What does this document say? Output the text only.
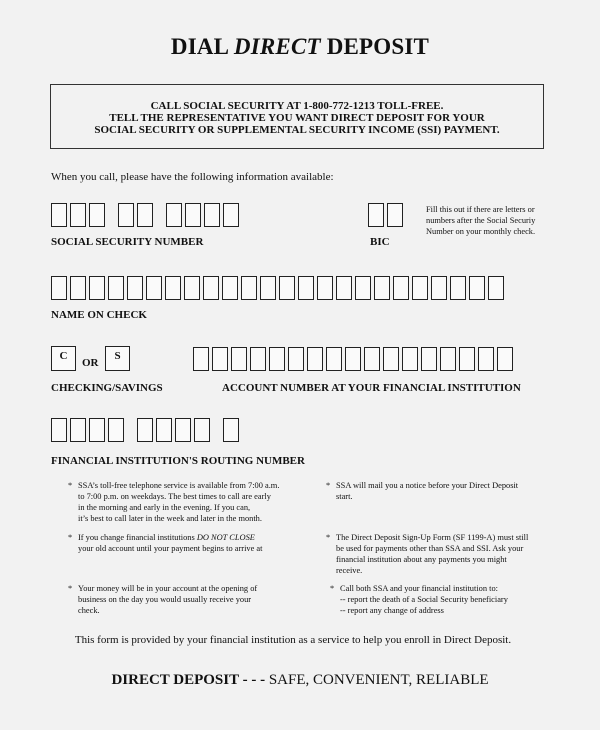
DIAL DIRECT DEPOSIT
CALL SOCIAL SECURITY AT 1-800-772-1213 TOLL-FREE.
TELL THE REPRESENTATIVE YOU WANT DIRECT DEPOSIT FOR YOUR
SOCIAL SECURITY OR SUPPLEMENTAL SECURITY INCOME (SSI) PAYMENT.
When you call, please have the following information available:
SOCIAL SECURITY NUMBER	BIC
Fill this out if there are letters or numbers after the Social Securiy Number on your monthly check.
NAME ON CHECK
C
OR
S
CHECKING/SAVINGS	ACCOUNT NUMBER AT YOUR FINANCIAL INSTITUTION
FINANCIAL INSTITUTION'S ROUTING NUMBER
* SSA’s toll-free telephone service is available from 7:00 a.m.
to 7:00 p.m. on weekdays. The best times to call are early
in the morning and early in the evening. If you can,
it’s best to call later in the week and later in the month.
* If you change financial institutions DO NOT CLOSE
your old account until your payment begins to arrive at
* Your money will be in your account at the opening of
business on the day you would usually receive your
check.
* SSA will mail you a notice before your Direct Deposit
start.
* The Direct Deposit Sign-Up Form (SF 1199-A) must still
be used for payments other than SSA and SSI. Ask your
financial institution about any payments you might
receive.
* Call both SSA and your financial institution to:
-- report the death of a Social Security beneficiary
-- report any change of address
This form is provided by your financial institution as a service to help you enroll in Direct Deposit.
DIRECT DEPOSIT - - - SAFE, CONVENIENT, RELIABLE
